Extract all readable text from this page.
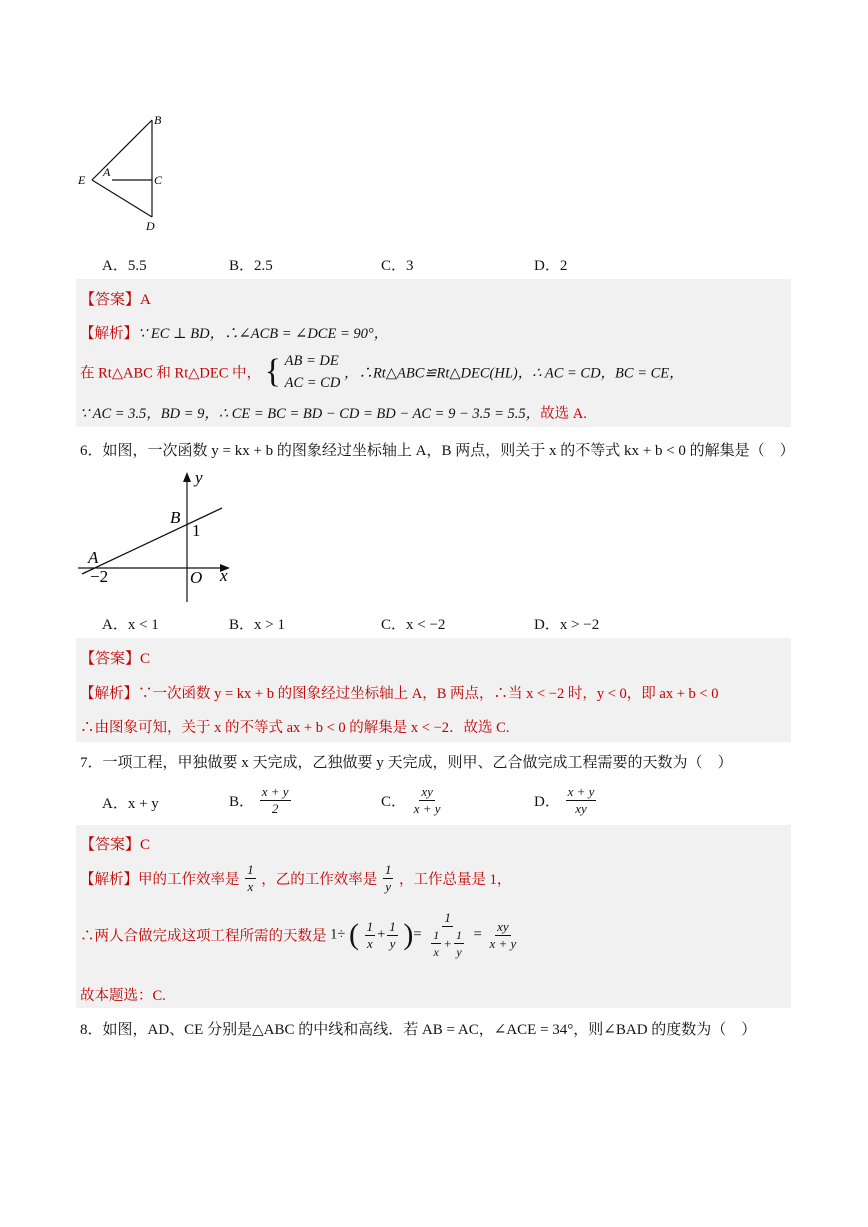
B
A
E	C
D
A．5.5	B．2.5	C．3	D．2
【答案】A
【解析】∵ EC ⊥ BD，∴∠ACB = ∠DCE = 90°，
在 Rt△ABC 和 Rt△DEC 中， { AB = DE
AC = CD
，∴Rt△ABC≌Rt△DEC(HL)，∴ AC = CD，BC = CE，
∵ AC = 3.5，BD = 9，∴ CE = BC = BD − CD = BD − AC = 9 − 3.5 = 5.5，故选 A.
6．如图，一次函数 y = kx + b 的图象经过坐标轴上 A，B 两点，则关于 x 的不等式 kx + b < 0 的解集是（　）
y
x
B
1
A
−2	O
A．x < 1	B．x > 1	C．x < −2	D．x > −2
【答案】C
【解析】∵一次函数 y = kx + b 的图象经过坐标轴上 A，B 两点，∴当 x < −2 时，y < 0，即 ax + b < 0
∴由图象可知，关于 x 的不等式 ax + b < 0 的解集是 x < −2．故选 C.
7．一项工程，甲独做要 x 天完成，乙独做要 y 天完成，则甲、乙合做完成工程需要的天数为（　）
A．x + y	B． $\frac{x + y}{2}$	C． $\frac{xy}{x + y}$	D． $\frac{x + y}{xy}$
【答案】C
【解析】甲的工作效率是 $\frac{1}{x}$ ，乙的工作效率是 $\frac{1}{y}$ ，工作总量是 1，
∴两人合做完成这项工程所需的天数是 1÷ ( $\frac{1}{x} + \frac{1}{y}$ )= $\frac{1}{\frac{1}{x} + \frac{1}{y}} = \frac{xy}{x + y}$
故本题选：C.
8．如图，AD、CE 分别是△ABC 的中线和高线．若 AB = AC，∠ACE = 34°，则∠BAD 的度数为（　）
